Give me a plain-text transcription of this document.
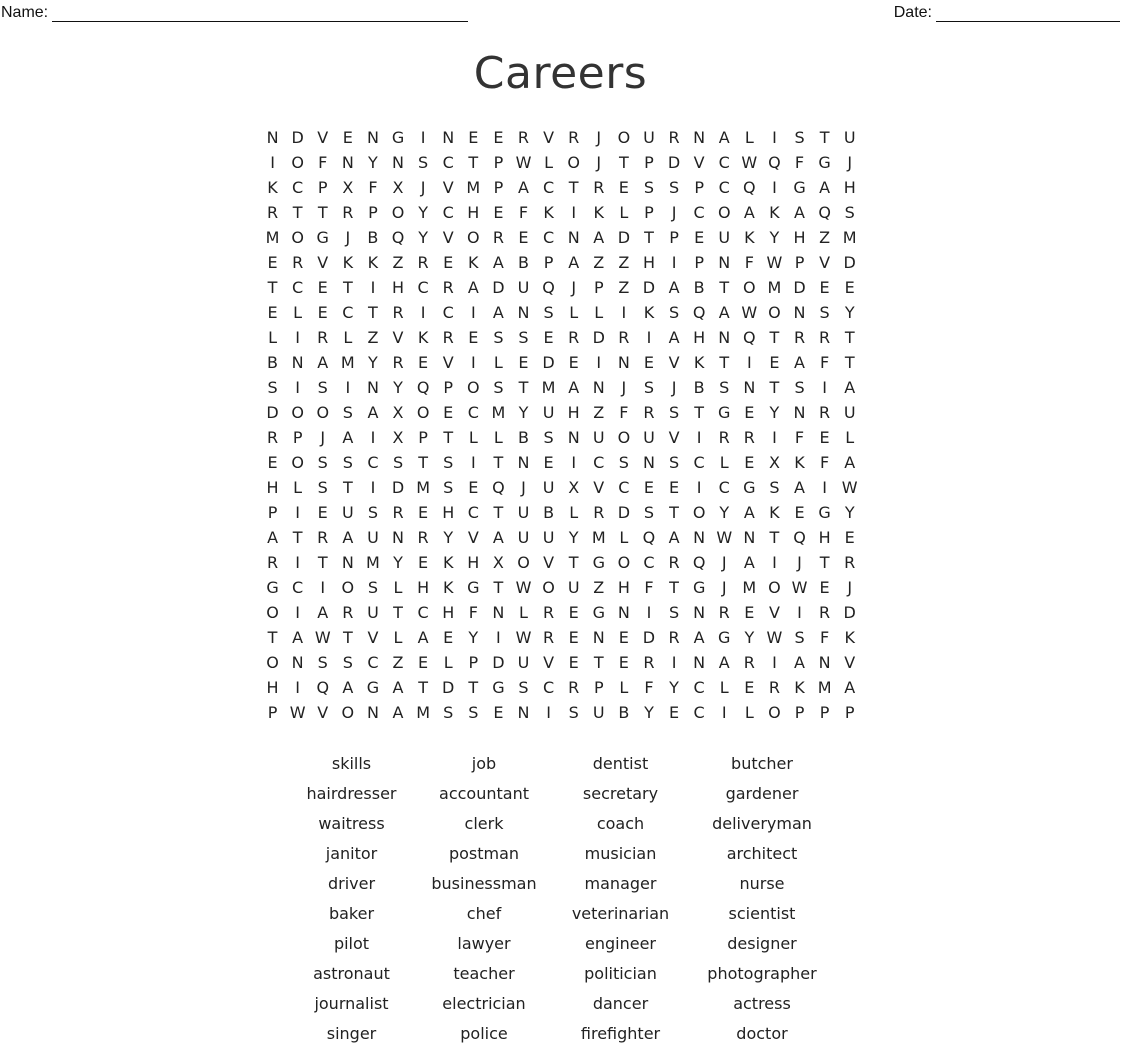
Name:	Date:
Careers
N D V E N G	I	N E E R V R	J	O U R N A L	I	S T U
I	O F N Y N S C T P W L O	J	T P D V C W Q F G	J
K C P X F X	J	V M P A C T R E S S P C Q	I	G A H
R T T R P O Y C H E F K	I	K L P	J	C O A K A Q S
M O G	J	B Q Y V O R E C N A D T P E U K Y H Z M
E R V K K Z R E K A B P A Z Z H	I	P N F W P V D
T C E T	I	H C R A D U Q	J	P Z D A B T O M D E E
E L E C T R	I	C	I	A N S L	L	I	K S Q A W O N S Y
L	I	R L Z V K R E S S E R D R	I	A H N Q T R R T
B N A M Y R E V	I	L E D E	I	N E V K T	I	E A F T
S	I	S	I	N Y Q P O S T M A N	J	S	J	B S N T S	I	A
D O O S A X O E C M Y U H Z F R S T G E Y N R U
R P	J	A	I	X P T L	L B S N U O U V	I	R R	I	F E L
E O S S C S T S	I	T N E	I	C S N S C L E X K F A
H L S T	I	D M S E Q	J	U X V C E E	I	C G S A	I W
P	I	E U S R E H C T U B L R D S T O Y A K E G Y
A T R A U N R Y V A U U Y M L Q A N W N T Q H E
R	I	T N M Y E K H X O V T G O C R Q	J	A	I	J	T R
G C	I	O S L H K G T W O U Z H F T G	J M O W E	J
O	I	A R U T C H F N L R E G N	I	S N R E V	I	R D
T A W T V L A E Y	I W R E N E D R A G Y W S F K
O N S S C Z E L P D U V E T E R	I	N A R	I	A N V
H	I	Q A G A T D T G S C R P L	F Y C L E R K M A
P W V O N A M S S E N	I	S U B Y E C	I	L O P P P
skills	job	dentist	butcher
hairdresser	accountant	secretary	gardener
waitress	clerk	coach	deliveryman
janitor	postman	musician	architect
driver	businessman	manager	nurse
baker	chef	veterinarian	scientist
pilot	lawyer	engineer	designer
astronaut	teacher	politician	photographer
journalist	electrician	dancer	actress
singer	police	firefighter	doctor
